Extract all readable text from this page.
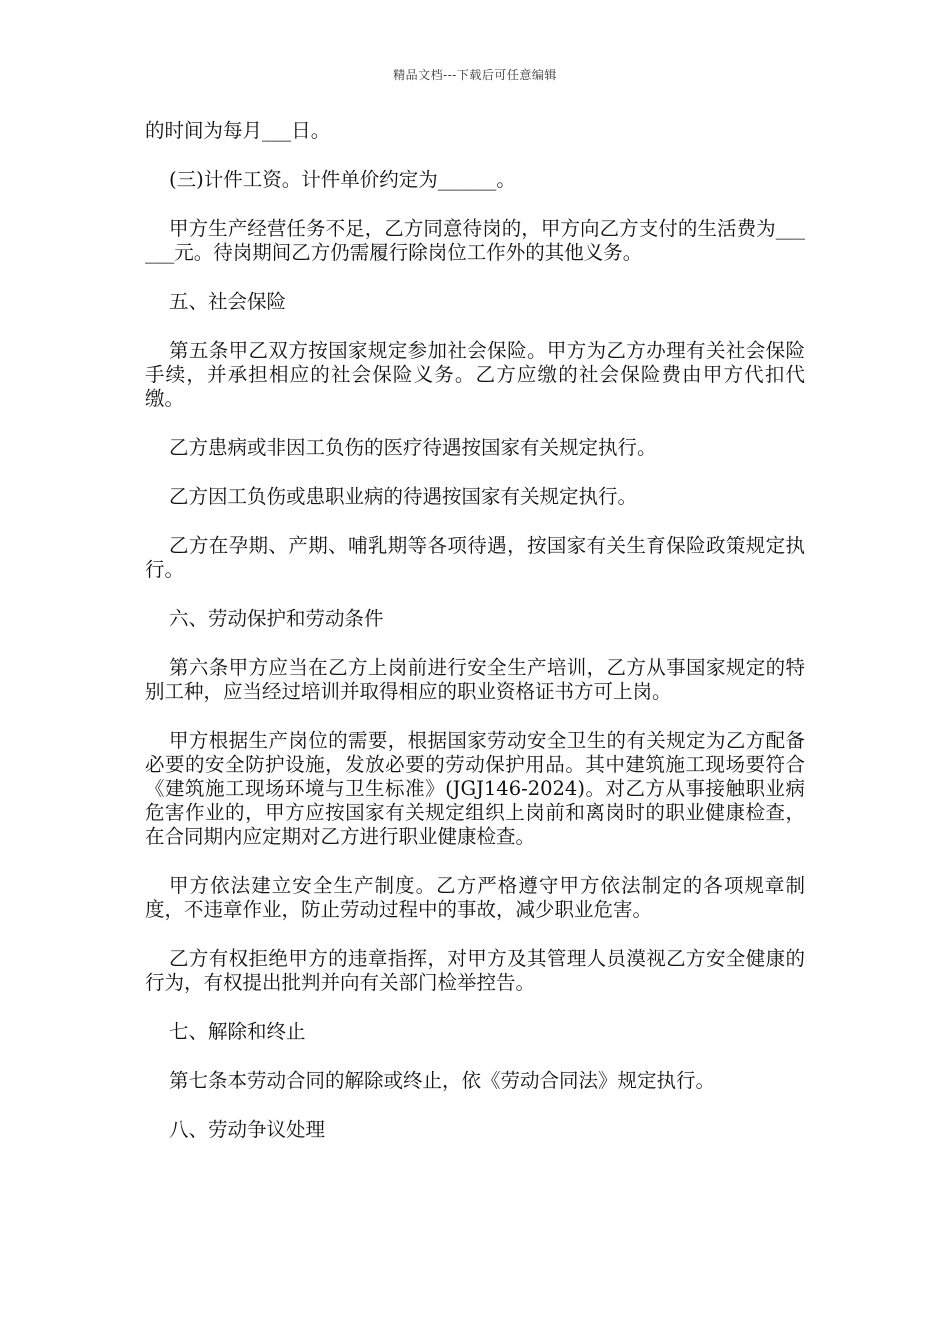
精品文档---下载后可任意编辑

的时间为每月___日。

(三)计件工资。计件单价约定为______。

甲方生产经营任务不足，乙方同意待岗的，甲方向乙方支付的生活费为______元。待岗期间乙方仍需履行除岗位工作外的其他义务。

五、社会保险

第五条甲乙双方按国家规定参加社会保险。甲方为乙方办理有关社会保险手续，并承担相应的社会保险义务。乙方应缴的社会保险费由甲方代扣代缴。

乙方患病或非因工负伤的医疗待遇按国家有关规定执行。

乙方因工负伤或患职业病的待遇按国家有关规定执行。

乙方在孕期、产期、哺乳期等各项待遇，按国家有关生育保险政策规定执行。

六、劳动保护和劳动条件

第六条甲方应当在乙方上岗前进行安全生产培训，乙方从事国家规定的特别工种，应当经过培训并取得相应的职业资格证书方可上岗。

甲方根据生产岗位的需要，根据国家劳动安全卫生的有关规定为乙方配备必要的安全防护设施，发放必要的劳动保护用品。其中建筑施工现场要符合《建筑施工现场环境与卫生标准》(JGJ146-2024)。对乙方从事接触职业病危害作业的，甲方应按国家有关规定组织上岗前和离岗时的职业健康检查，在合同期内应定期对乙方进行职业健康检查。

甲方依法建立安全生产制度。乙方严格遵守甲方依法制定的各项规章制度，不违章作业，防止劳动过程中的事故，减少职业危害。

乙方有权拒绝甲方的违章指挥，对甲方及其管理人员漠视乙方安全健康的行为，有权提出批判并向有关部门检举控告。

七、解除和终止

第七条本劳动合同的解除或终止，依《劳动合同法》规定执行。

八、劳动争议处理
